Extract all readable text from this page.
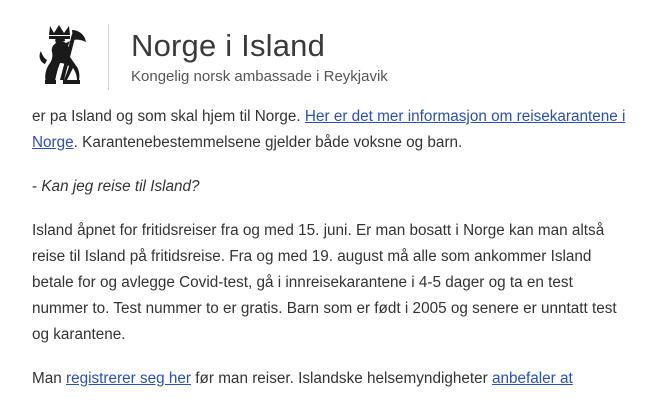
Norge i Island
Kongelig norsk ambassade i Reykjavik

er pa Island og som skal hjem til Norge. Her er det mer informasjon om reisekarantene i Norge. Karantenebestemmelsene gjelder både voksne og barn.

- Kan jeg reise til Island?

Island åpnet for fritidsreiser fra og med 15. juni. Er man bosatt i Norge kan man altså reise til Island på fritidsreise. Fra og med 19. august må alle som ankommer Island betale for og avlegge Covid-test, gå i innreisekarantene i 4-5 dager og ta en test nummer to. Test nummer to er gratis. Barn som er født i 2005 og senere er unntatt test og karantene.

Man registrerer seg her før man reiser. Islandske helsemyndigheter anbefaler at
